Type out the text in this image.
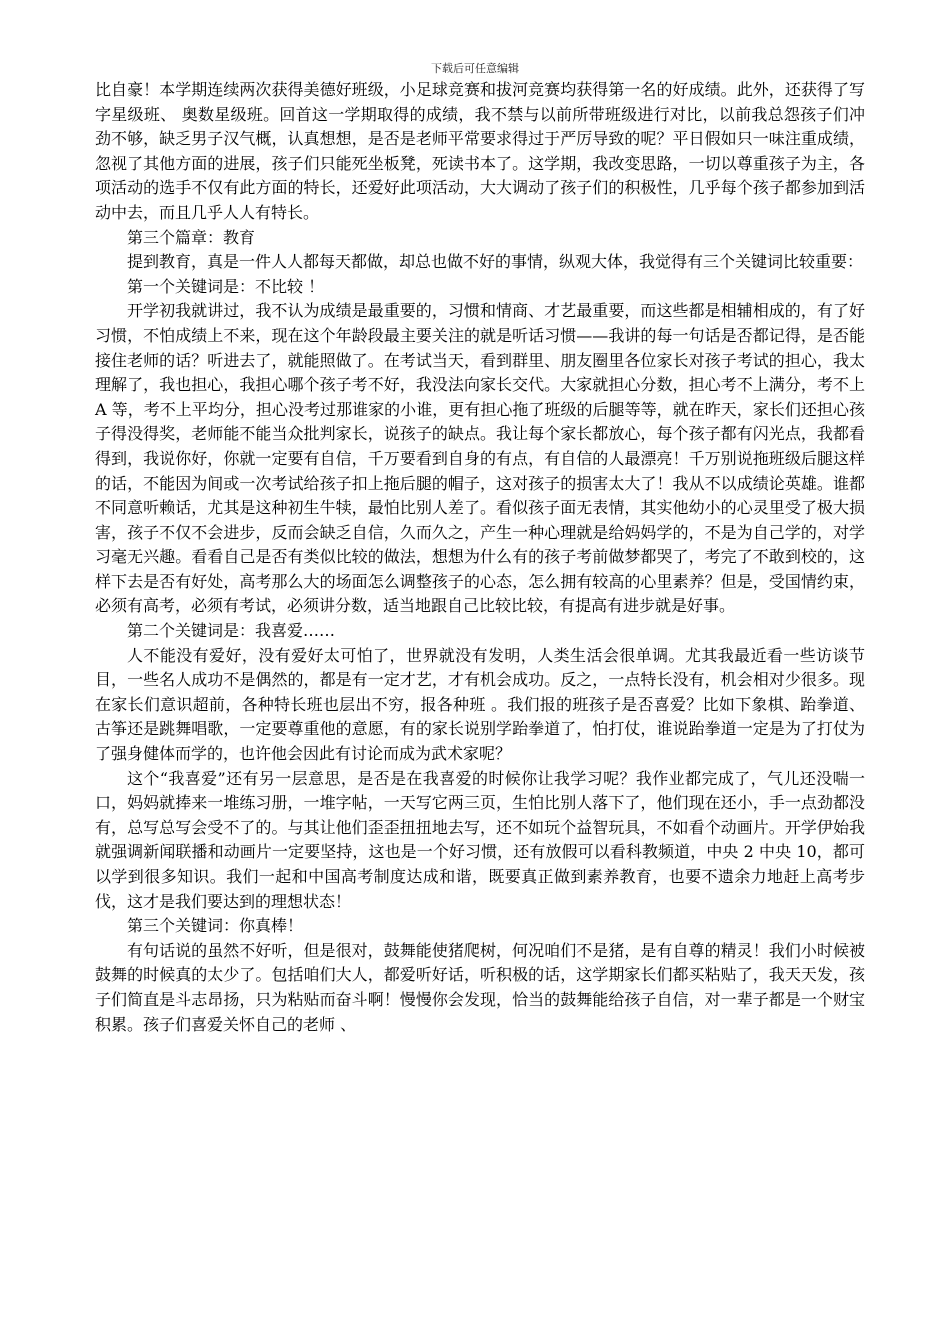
下载后可任意编辑

比自豪！本学期连续两次获得美德好班级，小足球竞赛和拔河竞赛均获得第一名的好成绩。此外，还获得了写字星级班、 奥数星级班。回首这一学期取得的成绩，我不禁与以前所带班级进行对比，以前我总怨孩子们冲劲不够，缺乏男子汉气概，认真想想，是否是老师平常要求得过于严厉导致的呢？平日假如只一味注重成绩，忽视了其他方面的进展，孩子们只能死坐板凳，死读书本了。这学期，我改变思路，一切以尊重孩子为主，各项活动的选手不仅有此方面的特长，还爱好此项活动，大大调动了孩子们的积极性，几乎每个孩子都参加到活动中去，而且几乎人人有特长。

第三个篇章：教育

提到教育，真是一件人人都每天都做，却总也做不好的事情，纵观大体，我觉得有三个关键词比较重要：

第一个关键词是：不比较 ！

开学初我就讲过，我不认为成绩是最重要的，习惯和情商、才艺最重要，而这些都是相辅相成的，有了好习惯，不怕成绩上不来，现在这个年龄段最主要关注的就是听话习惯——我讲的每一句话是否都记得，是否能接住老师的话？听进去了，就能照做了。在考试当天，看到群里、朋友圈里各位家长对孩子考试的担心，我太理解了，我也担心，我担心哪个孩子考不好，我没法向家长交代。大家就担心分数，担心考不上满分，考不上 A 等，考不上平均分，担心没考过那谁家的小谁，更有担心拖了班级的后腿等等，就在昨天，家长们还担心孩子得没得奖，老师能不能当众批判家长，说孩子的缺点。我让每个家长都放心，每个孩子都有闪光点，我都看得到，我说你好，你就一定要有自信，千万要看到自身的有点，有自信的人最漂亮！千万别说拖班级后腿这样的话，不能因为间或一次考试给孩子扣上拖后腿的帽子，这对孩子的损害太大了！我从不以成绩论英雄。谁都不同意听赖话，尤其是这种初生牛犊，最怕比别人差了。看似孩子面无表情，其实他幼小的心灵里受了极大损害，孩子不仅不会进步，反而会缺乏自信，久而久之，产生一种心理就是给妈妈学的，不是为自己学的，对学习毫无兴趣。看看自己是否有类似比较的做法，想想为什么有的孩子考前做梦都哭了，考完了不敢到校的，这样下去是否有好处，高考那么大的场面怎么调整孩子的心态，怎么拥有较高的心里素养？但是，受国情约束，必须有高考，必须有考试，必须讲分数，适当地跟自己比较比较，有提高有进步就是好事。

第二个关键词是：我喜爱……

人不能没有爱好，没有爱好太可怕了，世界就没有发明，人类生活会很单调。尤其我最近看一些访谈节目，一些名人成功不是偶然的，都是有一定才艺，才有机会成功。反之，一点特长没有，机会相对少很多。现在家长们意识超前，各种特长班也层出不穷，报各种班 。我们报的班孩子是否喜爱？比如下象棋、跆拳道、古筝还是跳舞唱歌，一定要尊重他的意愿，有的家长说别学跆拳道了，怕打仗，谁说跆拳道一定是为了打仗为了强身健体而学的，也许他会因此有讨论而成为武术家呢？

这个“我喜爱”还有另一层意思，是否是在我喜爱的时候你让我学习呢？我作业都完成了，气儿还没喘一口，妈妈就捧来一堆练习册，一堆字帖，一天写它两三页，生怕比别人落下了，他们现在还小，手一点劲都没有，总写总写会受不了的。与其让他们歪歪扭扭地去写，还不如玩个益智玩具，不如看个动画片。开学伊始我就强调新闻联播和动画片一定要坚持，这也是一个好习惯，还有放假可以看科教频道，中央 2 中央 10，都可以学到很多知识。我们一起和中国高考制度达成和谐，既要真正做到素养教育，也要不遗余力地赶上高考步伐，这才是我们要达到的理想状态！

第三个关键词：你真棒！

有句话说的虽然不好听，但是很对，鼓舞能使猪爬树，何况咱们不是猪，是有自尊的精灵！我们小时候被鼓舞的时候真的太少了。包括咱们大人，都爱听好话，听积极的话，这学期家长们都买粘贴了，我天天发，孩子们简直是斗志昂扬，只为粘贴而奋斗啊！慢慢你会发现，恰当的鼓舞能给孩子自信，对一辈子都是一个财宝积累。孩子们喜爱关怀自己的老师 、
